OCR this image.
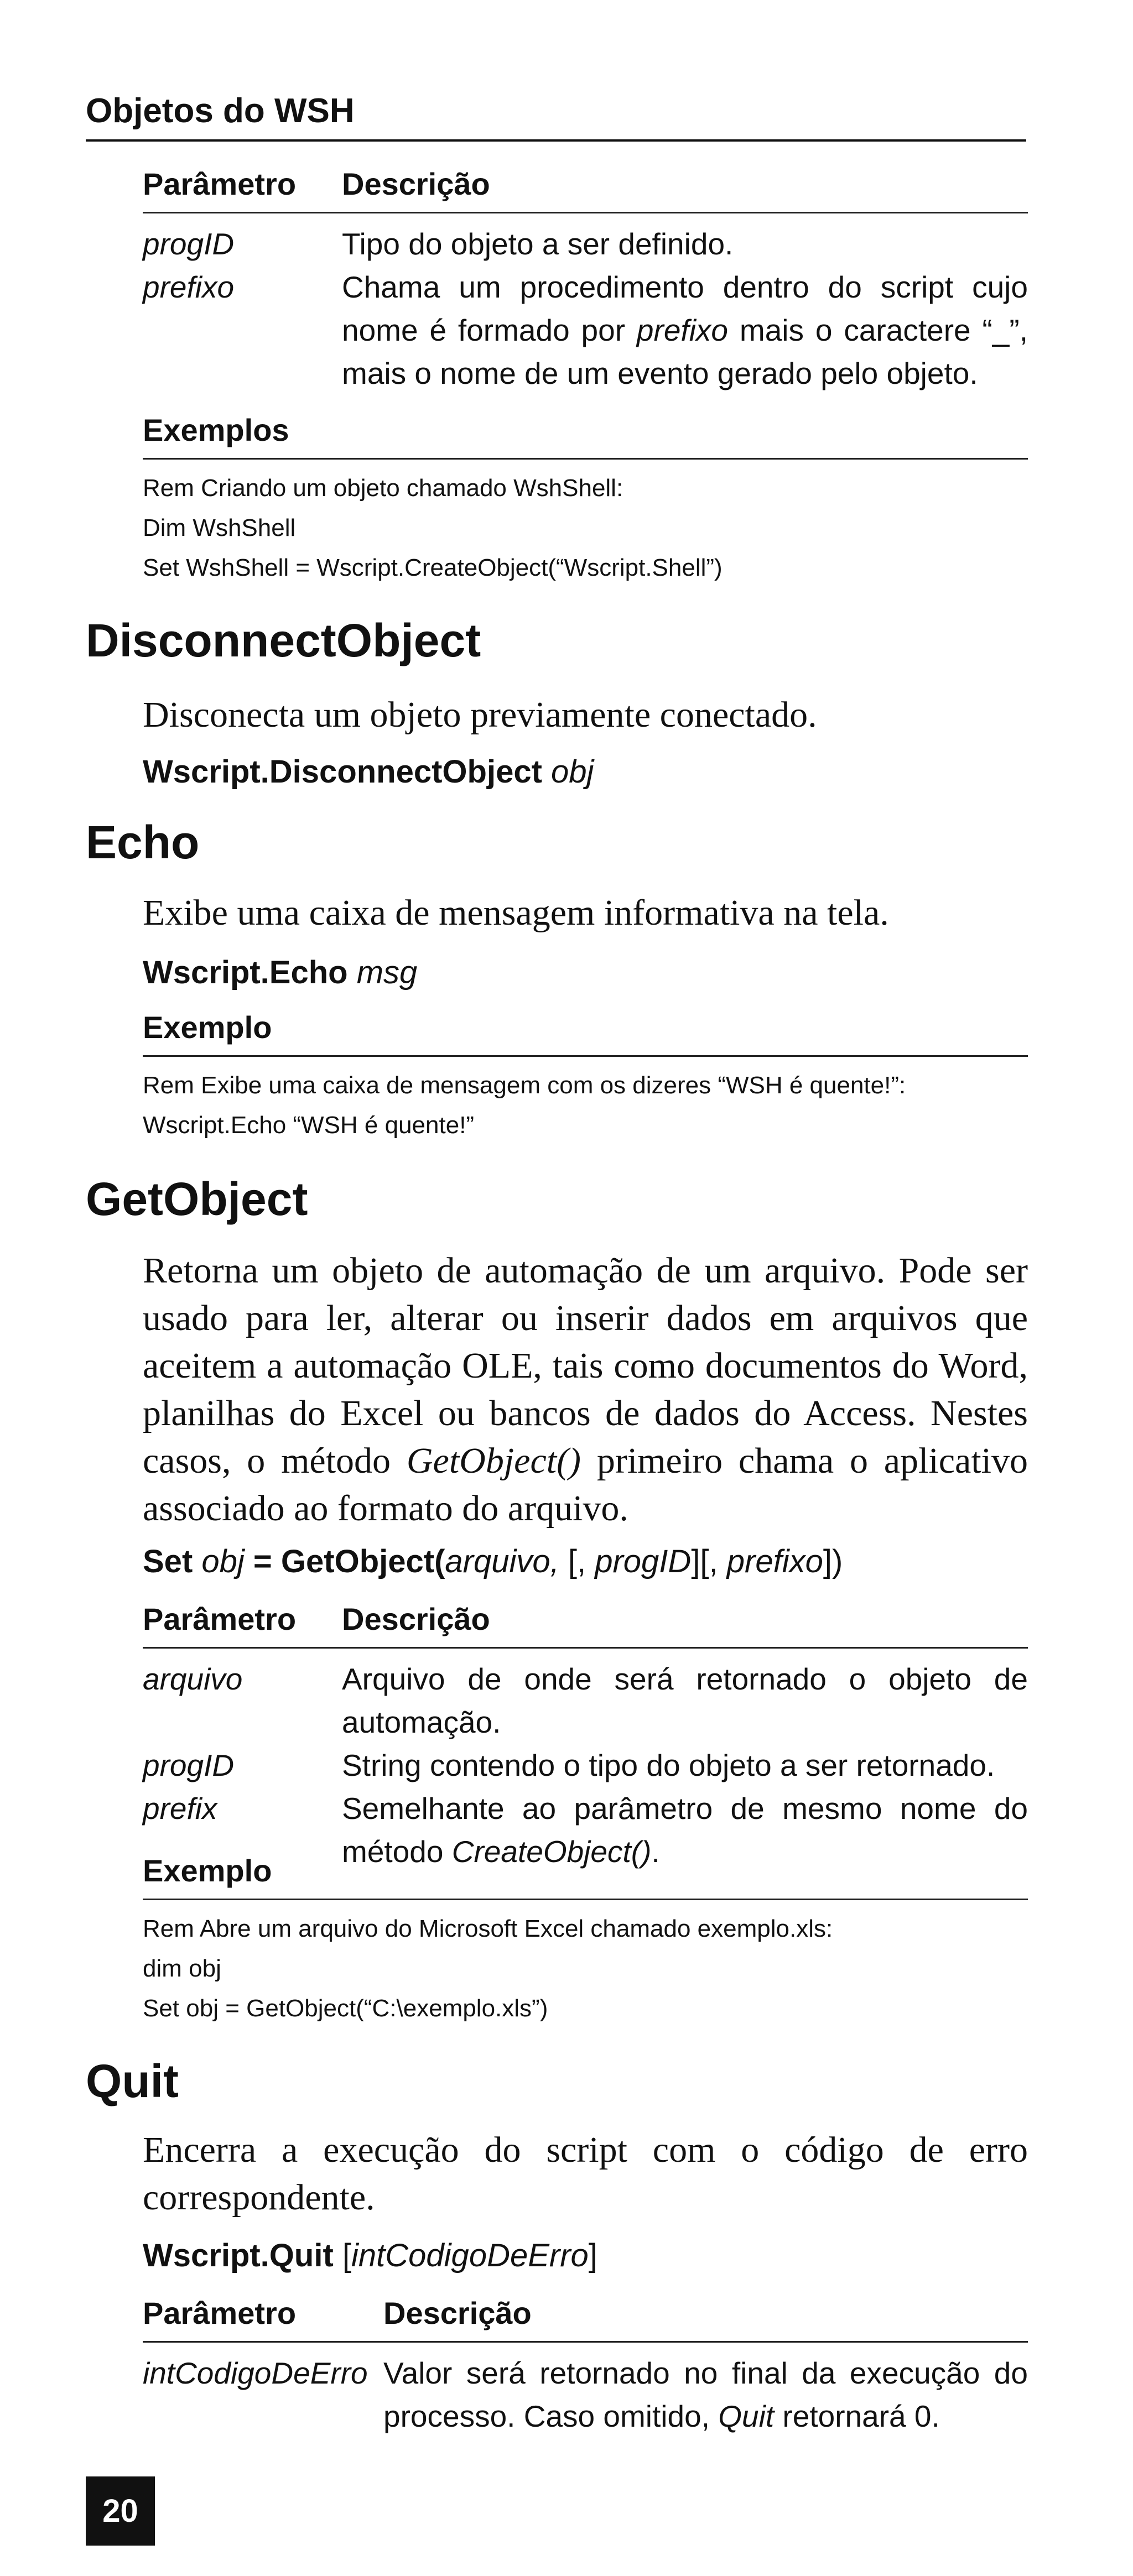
Objetos do WSH
Parâmetro	Descrição
progID	Tipo do objeto a ser definido.
prefixo	Chama um procedimento dentro do script cujo nome é formado por prefixo mais o caractere “_”, mais o nome de um evento gerado pelo objeto.
Exemplos
Rem Criando um objeto chamado WshShell:
Dim WshShell
Set WshShell = Wscript.CreateObject(“Wscript.Shell”)
DisconnectObject
Disconecta um objeto previamente conectado.
Wscript.DisconnectObject obj
Echo
Exibe uma caixa de mensagem informativa na tela.
Wscript.Echo msg
Exemplo
Rem Exibe uma caixa de mensagem com os dizeres “WSH é quente!”:
Wscript.Echo “WSH é quente!”
GetObject
Retorna um objeto de automação de um arquivo. Pode ser usado para ler, alterar ou inserir dados em arquivos que aceitem a automação OLE, tais como documentos do Word, planilhas do Excel ou bancos de dados do Access. Nestes casos, o método GetObject() primeiro chama o aplicativo associado ao formato do arquivo.
Set obj = GetObject(arquivo, [, progID][, prefixo])
Parâmetro	Descrição
arquivo	Arquivo de onde será retornado o objeto de automação.
progID	String contendo o tipo do objeto a ser retornado.
prefix	Semelhante ao parâmetro de mesmo nome do método CreateObject().
Exemplo
Rem Abre um arquivo do Microsoft Excel chamado exemplo.xls:
dim obj
Set obj = GetObject(“C:\exemplo.xls”)
Quit
Encerra a execução do script com o código de erro correspondente.
Wscript.Quit [intCodigoDeErro]
Parâmetro	Descrição
intCodigoDeErro Valor será retornado no final da execução do processo. Caso omitido, Quit retornará 0.
20
